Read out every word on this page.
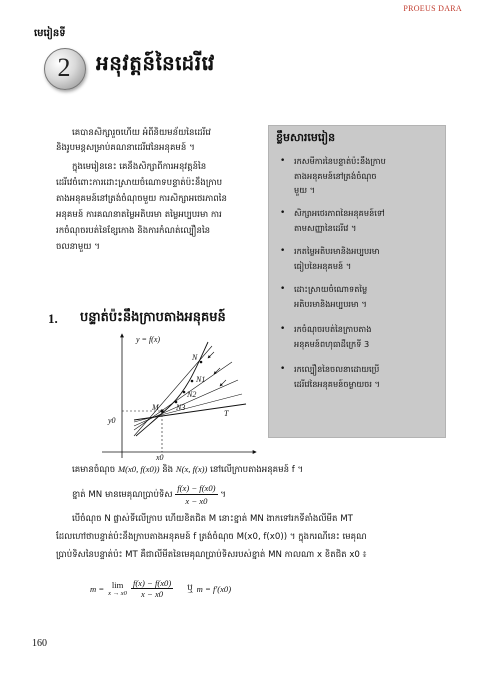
PROEUS DARA
មេរៀនទី
2	អនុវត្តន៍នៃដេរីវេ
គេបានសិក្សារួចហើយ អំពីនិយមន័យនៃដេរីវេ
និងរូបមន្តសម្រាប់គណនាដេរីវេនៃអនុគមន៍ ។
ក្នុងមេរៀននេះ គេនឹងសិក្សាពីការអនុវត្តន៍នៃ
ដេរីវេចំពោះការដោះស្រាយចំណោទបន្ទាត់ប៉ះនឹងក្រាប
តាងអនុគមន៍នៅត្រង់ចំណុចមួយ ការសិក្សាអថេរភាពនៃ
អនុគមន៍ ការគណនាតម្លៃអតិបរមា តម្លៃអប្បបរមា ការ
រកចំណុចរបត់នៃខ្សែកោង និងការកំណត់ល្បឿននៃ
ចលនាមួយ ។
ខ្លឹមសារមេរៀន
• រកសមីការនៃបន្ទាត់ប៉ះនឹងក្រាប
តាងអនុគមន៍នៅត្រង់ចំណុច
មួយ ។
• សិក្សាអថេរភាពនៃអនុគមន៍ទៅ
តាមសញ្ញានៃដេរីវេ ។
• រកតម្លៃអតិបរមានិងអប្បបរមា
ធៀបនៃអនុគមន៍ ។
• ដោះស្រាយចំណោទតម្លៃ
អតិបរមានិងអប្បបរមា ។
• រកចំណុចរបត់នៃក្រាបតាង
អនុគមន៍ពហុធាដឺក្រេទី 3
• រកល្បឿននៃចលនាដោយប្រើ
ដេរីវេនៃអនុគមន៍ចម្ងាយចរ ។
1. បន្ទាត់ប៉ះនឹងក្រាបតាងអនុគមន៍
y = f(x)
y0
x0
M
N
N1
N2
N3
T
គេមានចំណុច M(x0, f(x0)) និង N(x, f(x)) នៅលើក្រាបតាងអនុគមន៍ f ។
ខ្នាត់ MN មានមេគុណប្រាប់ទិស $\frac{f(x) - f(x0)}{x - x0}$ ។
បើចំណុច N ផ្លាស់ទីលើក្រាប ហើយខិតជិត M នោះខ្នាត់ MN ងាកទៅរកទីតាំងលីមីត MT
ដែលហៅថាបន្ទាត់ប៉ះនឹងក្រាបតាងអនុគមន៍ f ត្រង់ចំណុច M(x0, f(x0)) ។ ក្នុងករណីនេះ មេគុណ
ប្រាប់ទិសនៃបន្ទាត់ប៉ះ MT គឺជាលីមីតនៃមេគុណប្រាប់ទិសរបស់ខ្នាត់ MN កាលណា x ខិតជិត x0 ៖
m = lim
$x \to x0 \frac{f(x) - f(x0)}{x - x0}$ ឬ m = f′(x0)
160
